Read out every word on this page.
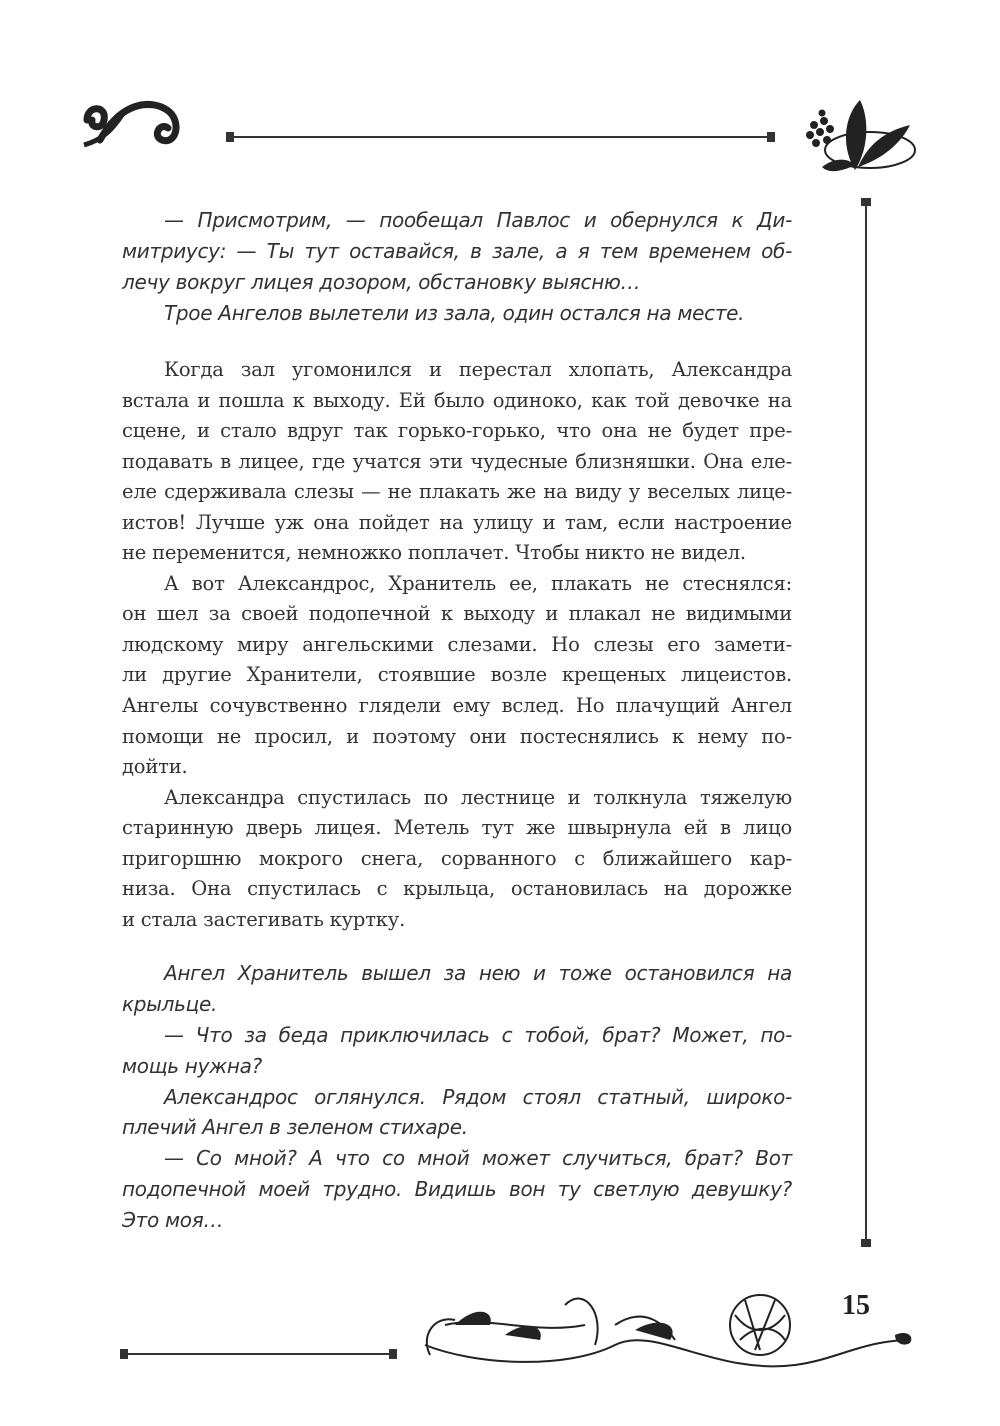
15
— Присмотрим, — пообещал Павлос и обернулся к Ди-
митриусу: — Ты тут оставайся, в зале, а я тем временем об-
лечу вокруг лицея дозором, обстановку выясню…
Трое Ангелов вылетели из зала, один остался на месте.
Когда зал угомонился и перестал хлопать, Александра
встала и пошла к выходу. Ей было одиноко, как той девочке на
сцене, и стало вдруг так горько-горько, что она не будет пре-
подавать в лицее, где учатся эти чудесные близняшки. Она еле-
еле сдерживала слезы — не плакать же на виду у веселых лице-
истов! Лучше уж она пойдет на улицу и там, если настроение
не переменится, немножко поплачет. Чтобы никто не видел.
А вот Александрос, Хранитель ее, плакать не стеснялся:
он шел за своей подопечной к выходу и плакал не видимыми
людскому миру ангельскими слезами. Но слезы его замети-
ли другие Хранители, стоявшие возле крещеных лицеистов.
Ангелы сочувственно глядели ему вслед. Но плачущий Ангел
помощи не просил, и поэтому они постеснялись к нему по-
дойти.
Александра спустилась по лестнице и толкнула тяжелую
старинную дверь лицея. Метель тут же швырнула ей в лицо
пригоршню мокрого снега, сорванного с ближайшего кар-
низа. Она спустилась с крыльца, остановилась на дорожке
и стала застегивать куртку.
Ангел Хранитель вышел за нею и тоже остановился на
крыльце.
— Что за беда приключилась с тобой, брат? Может, по-
мощь нужна?
Александрос оглянулся. Рядом стоял статный, широко-
плечий Ангел в зеленом стихаре.
— Со мной? А что со мной может случиться, брат? Вот
подопечной моей трудно. Видишь вон ту светлую девушку?
Это моя…
